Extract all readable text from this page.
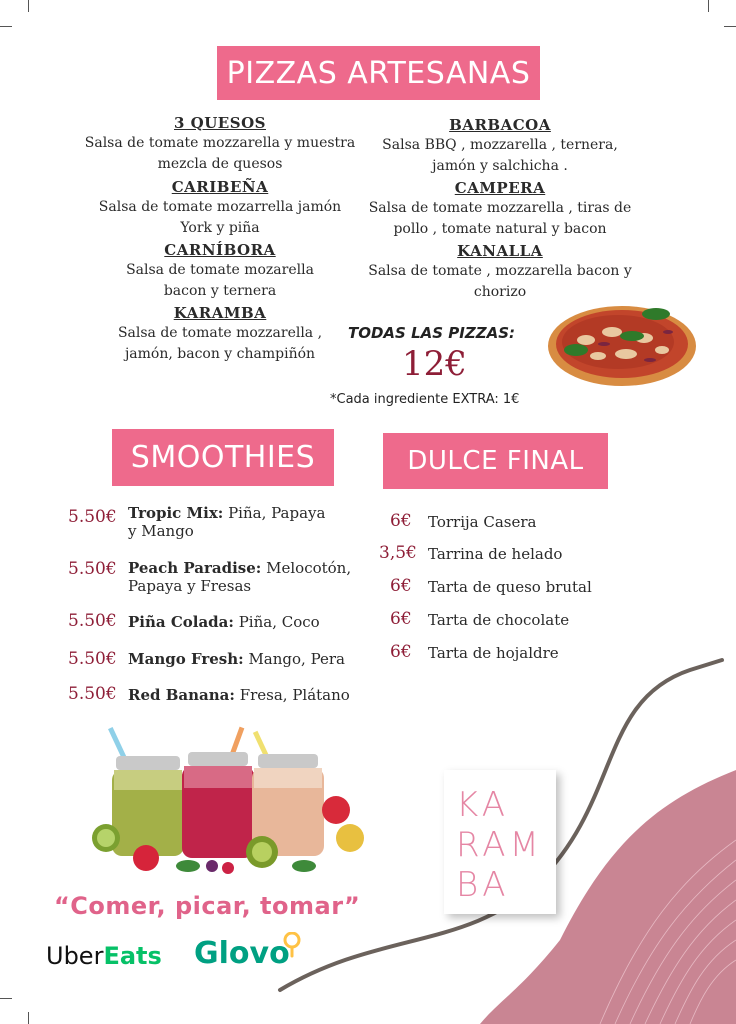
PIZZAS ARTESANAS
3 QUESOS
Salsa de tomate mozzarella y muestra
mezcla de quesos
CARIBEÑA
Salsa de tomate mozarrella jamón
York y piña
CARNÍBORA
Salsa de tomate mozarella
bacon y ternera
KARAMBA
Salsa de tomate mozzarella ,
jamón, bacon y champiñón
BARBACOA
Salsa BBQ , mozzarella , ternera,
jamón y salchicha .
CAMPERA
Salsa de tomate mozzarella , tiras de
pollo , tomate natural y bacon
KANALLA
Salsa de tomate , mozzarella bacon y
chorizo
TODAS LAS PIZZAS:
12€
*Cada ingrediente EXTRA: 1€
SMOOTHIES	DULCE FINAL
5.50€ Tropic Mix: Piña, Papaya
y Mango
5.50€ Peach Paradise: Melocotón,
Papaya y Fresas
5.50€ Piña Colada: Piña, Coco
5.50€ Mango Fresh: Mango, Pera
5.50€ Red Banana: Fresa, Plátano
6€ Torrija Casera
3,5€ Tarrina de helado
6€ Tarta de queso brutal
6€ Tarta de chocolate
6€ Tarta de hojaldre
KA
RAM
BA
“Comer, picar, tomar”
UberEats Glovo
